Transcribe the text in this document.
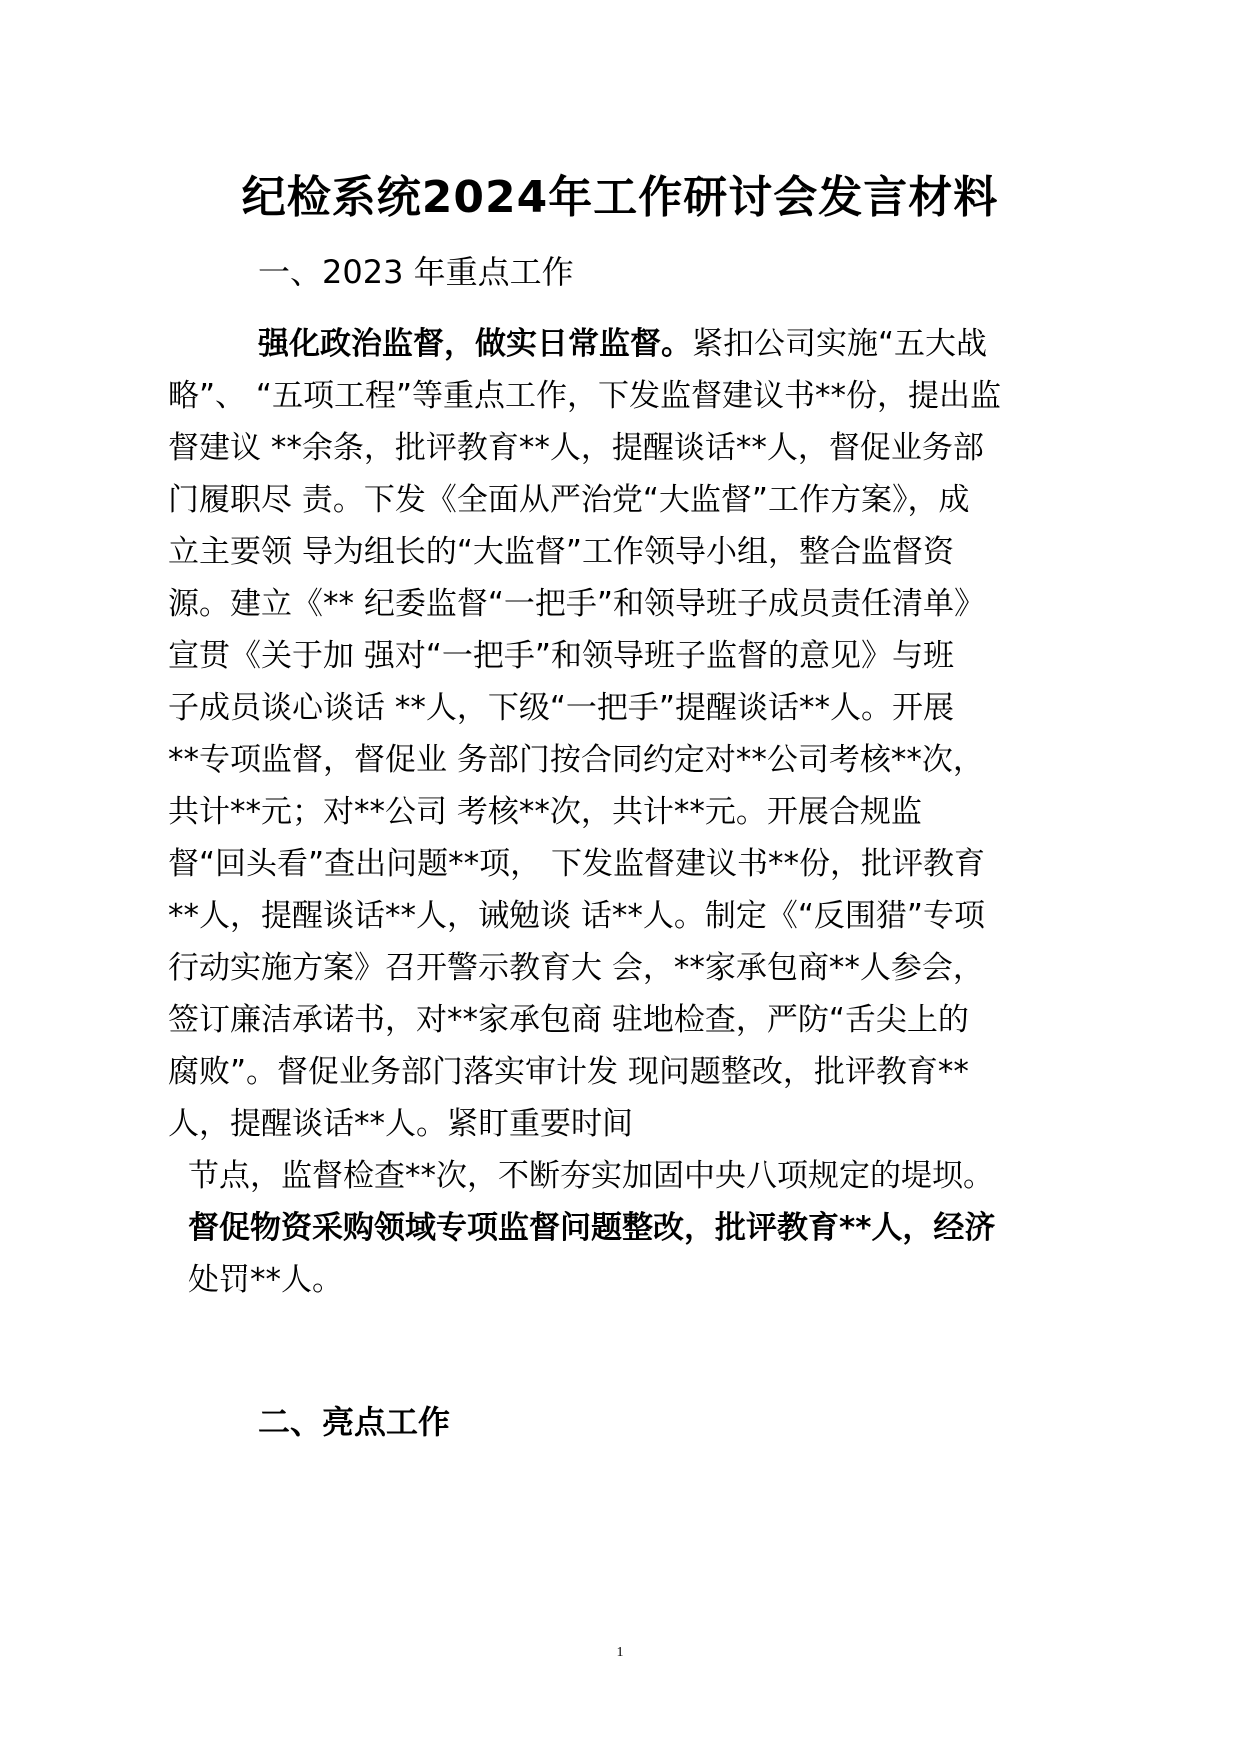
纪检系统2024年工作研讨会发言材料
一、2023 年重点工作
强化政治监督，做实日常监督。紧扣公司实施“五大战
略”、 “五项工程”等重点工作，下发监督建议书**份，提出监
督建议 **余条，批评教育**人，提醒谈话**人，督促业务部
门履职尽 责。下发《全面从严治党“大监督”工作方案》，成
立主要领 导为组长的“大监督”工作领导小组，整合监督资
源。建立《** 纪委监督“一把手”和领导班子成员责任清单》
宣贯《关于加 强对“一把手”和领导班子监督的意见》与班
子成员谈心谈话 **人，下级“一把手”提醒谈话**人。开展
**专项监督，督促业 务部门按合同约定对**公司考核**次，
共计**元；对**公司 考核**次，共计**元。开展合规监
督“回头看”查出问题**项， 下发监督建议书**份，批评教育
**人，提醒谈话**人，诫勉谈 话**人。制定《“反围猎”专项
行动实施方案》召开警示教育大 会，**家承包商**人参会，
签订廉洁承诺书，对**家承包商 驻地检查，严防“舌尖上的
腐败”。督促业务部门落实审计发 现问题整改，批评教育**
人，提醒谈话**人。紧盯重要时间
节点，监督检查**次，不断夯实加固中央八项规定的堤坝。
督促物资采购领域专项监督问题整改，批评教育**人，经济
处罚**人。
二、亮点工作
1
